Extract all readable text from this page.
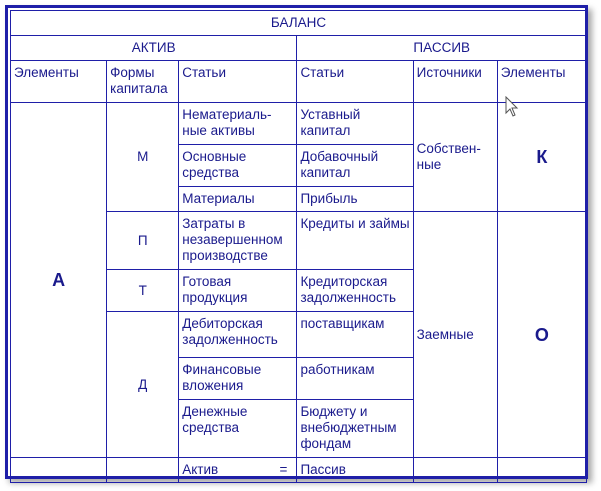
БАЛАНС					
АКТИВ			ПАССИВ		
Элементы	Формы капитала	Статьи	Статьи	Источники	Элементы
А	М	Нематериаль-ные активы	Уставный капитал	Собствен-ные	К
		Основные средства	Добавочный капитал		
		Материалы	Прибыль		
	П	Затраты в незавершенном производстве	Кредиты и займы	Заемные	О
	Т	Готовая продукция	Кредиторская задолженность		
	Д	Дебиторская задолженность	поставщикам		
		Финансовые вложения	работникам		
		Денежные средства	Бюджету и внебюджетным фондам		
		Актив =	Пассив		
